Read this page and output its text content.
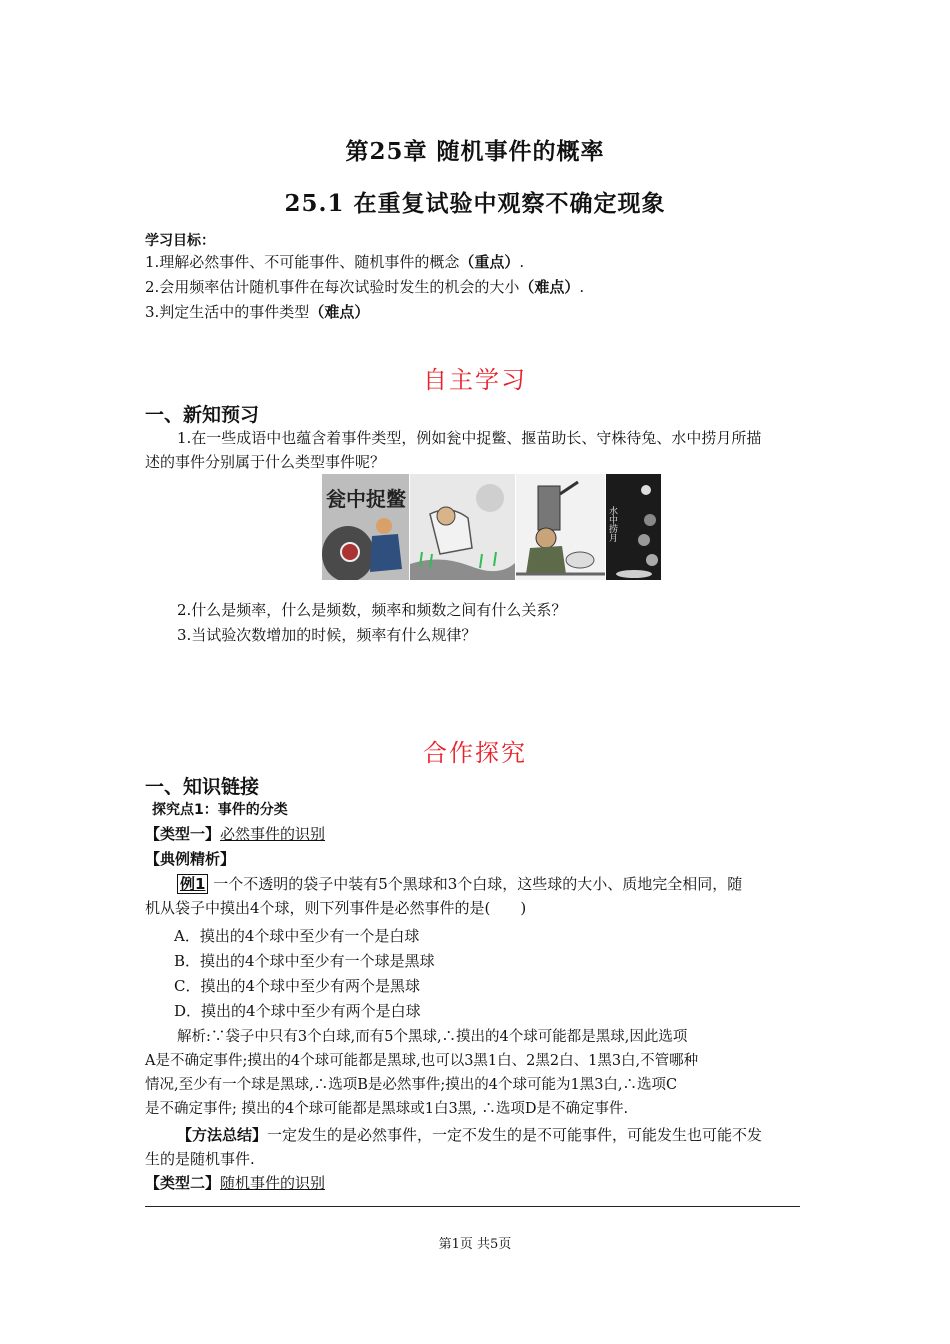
第25章 随机事件的概率
25.1 在重复试验中观察不确定现象
学习目标：
1.理解必然事件、不可能事件、随机事件的概念（重点）.
2.会用频率估计随机事件在每次试验时发生的机会的大小（难点）.
3.判定生活中的事件类型（难点）
自主学习
一、新知预习
1.在一些成语中也蕴含着事件类型，例如瓮中捉鳖、揠苗助长、守株待兔、水中捞月所描
述的事件分别属于什么类型事件呢？
瓮中捉鳖
水中捞月
2.什么是频率，什么是频数，频率和频数之间有什么关系？
3.当试验次数增加的时候，频率有什么规律？
合作探究
一、知识链接
探究点1：事件的分类
【类型一】必然事件的识别
【典例精析】
例1 一个不透明的袋子中装有5个黑球和3个白球，这些球的大小、质地完全相同，随
机从袋子中摸出4个球，则下列事件是必然事件的是(　　)
A．摸出的4个球中至少有一个是白球
B．摸出的4个球中至少有一个球是黑球
C．摸出的4个球中至少有两个是黑球
D．摸出的4个球中至少有两个是白球
解析:∵袋子中只有3个白球,而有5个黑球,∴摸出的4个球可能都是黑球,因此选项
A是不确定事件;摸出的4个球可能都是黑球,也可以3黑1白、2黑2白、1黑3白,不管哪种
情况,至少有一个球是黑球,∴选项B是必然事件;摸出的4个球可能为1黑3白,∴选项C
是不确定事件; 摸出的4个球可能都是黑球或1白3黑, ∴选项D是不确定事件.
【方法总结】一定发生的是必然事件，一定不发生的是不可能事件，可能发生也可能不发
生的是随机事件.
【类型二】随机事件的识别
第1页 共5页
